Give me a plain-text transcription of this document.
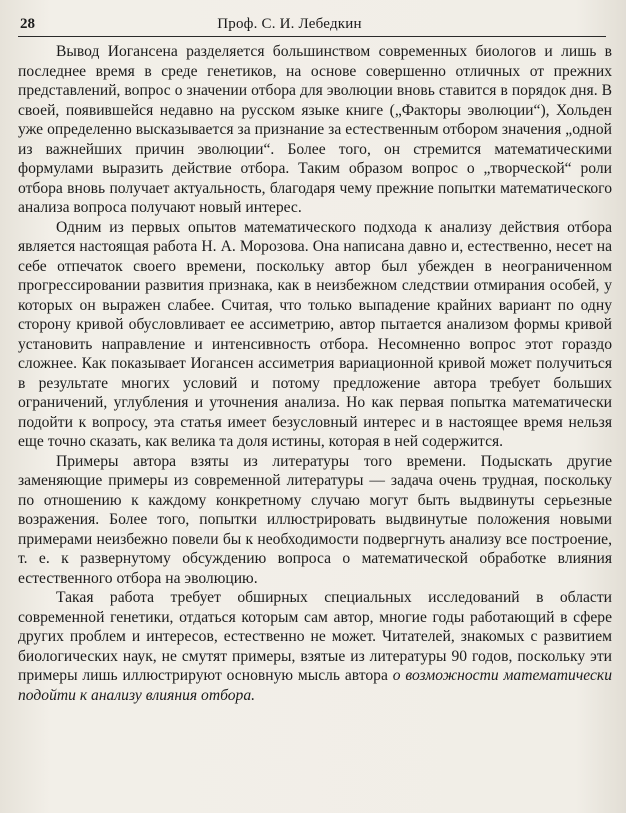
28	Проф. С. И. Лебедкин

Вывод Иогансена разделяется большинством современных биологов и лишь в последнее время в среде генетиков, на основе совершенно отличных от прежних представлений, вопрос о значении отбора для эволюции вновь ставится в порядок дня. В своей, появившейся недавно на русском языке книге („Факторы эволюции“), Хольден уже определенно высказывается за признание за естественным отбором значения „одной из важнейших причин эволюции“. Более того, он стремится математическими формулами выразить действие отбора. Таким образом вопрос о „творческой“ роли отбора вновь получает актуальность, благодаря чему прежние попытки математического анализа вопроса получают новый интерес.

Одним из первых опытов математического подхода к анализу действия отбора является настоящая работа Н. А. Морозова. Она написана давно и, естественно, несет на себе отпечаток своего времени, поскольку автор был убежден в неограниченном прогрессировании развития признака, как в неизбежном следствии отмирания особей, у которых он выражен слабее. Считая, что только выпадение крайних вариант по одну сторону кривой обусловливает ее ассиметрию, автор пытается анализом формы кривой установить направление и интенсивность отбора. Несомненно вопрос этот гораздо сложнее. Как показывает Иогансен ассиметрия вариационной кривой может получиться в результате многих условий и потому предложение автора требует больших ограничений, углубления и уточнения анализа. Но как первая попытка математически подойти к вопросу, эта статья имеет безусловный интерес и в настоящее время нельзя еще точно сказать, как велика та доля истины, которая в ней содержится.

Примеры автора взяты из литературы того времени. Подыскать другие заменяющие примеры из современной литературы — задача очень трудная, поскольку по отношению к каждому конкретному случаю могут быть выдвинуты серьезные возражения. Более того, попытки иллюстрировать выдвинутые положения новыми примерами неизбежно повели бы к необходимости подвергнуть анализу все построение, т. е. к развернутому обсуждению вопроса о математической обработке влияния естественного отбора на эволюцию.

Такая работа требует обширных специальных исследований в области современной генетики, отдаться которым сам автор, многие годы работающий в сфере других проблем и интересов, естественно не может. Читателей, знакомых с развитием биологических наук, не смутят примеры, взятые из литературы 90 годов, поскольку эти примеры лишь иллюстрируют основную мысль автора о возможности математически подойти к анализу влияния отбора.
